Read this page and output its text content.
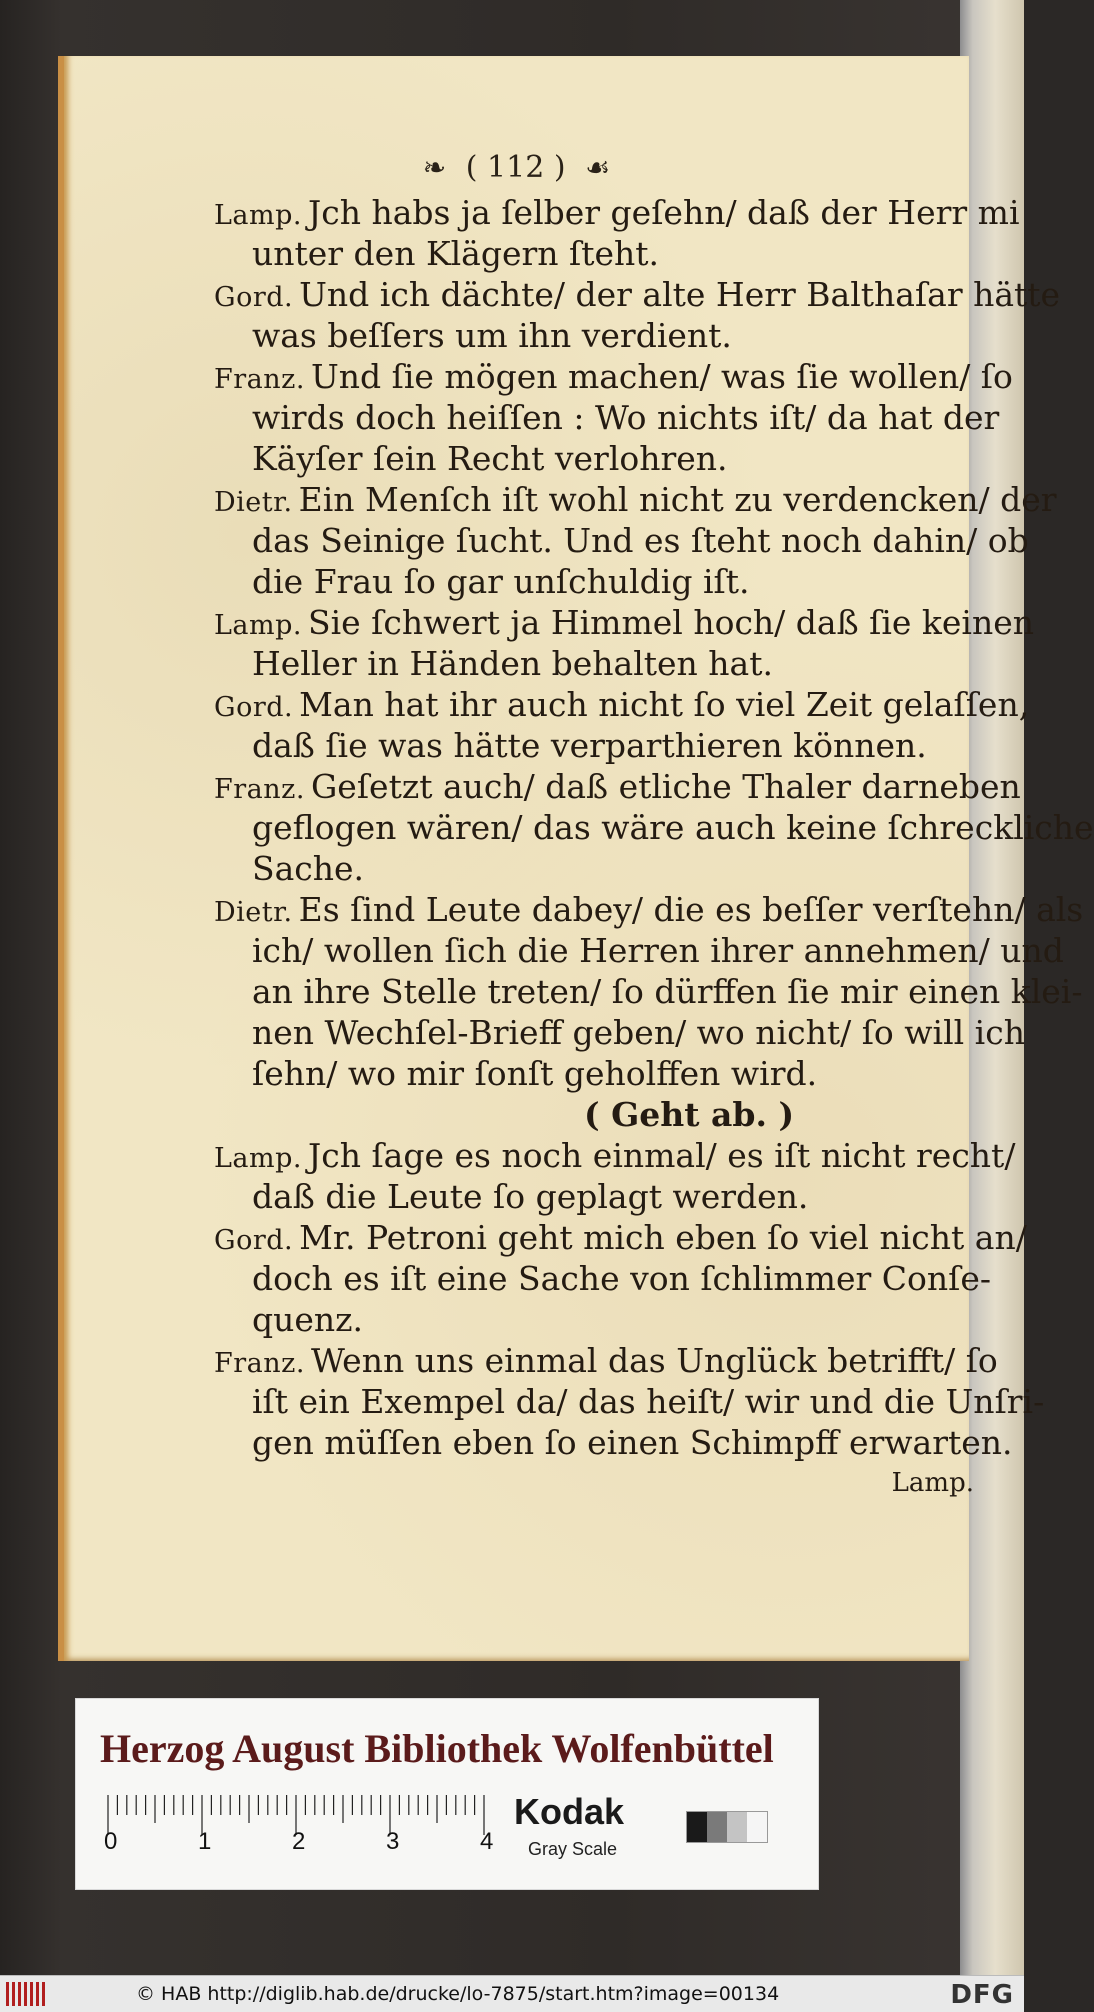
❧ ( 112 ) ☙
Lamp. Jch habs ja ſelber geſehn/ daß der Herr mi
unter den Klägern ſteht.
Gord. Und ich dächte/ der alte Herr Balthaſar hätte
was beſſers um ihn verdient.
Franz. Und ſie mögen machen/ was ſie wollen/ ſo
wirds doch heiſſen : Wo nichts iſt/ da hat der
Käyſer ſein Recht verlohren.
Dietr. Ein Menſch iſt wohl nicht zu verdencken/ der
das Seinige ſucht. Und es ſteht noch dahin/ ob
die Frau ſo gar unſchuldig iſt.
Lamp. Sie ſchwert ja Himmel hoch/ daß ſie keinen
Heller in Händen behalten hat.
Gord. Man hat ihr auch nicht ſo viel Zeit gelaſſen,
daß ſie was hätte verparthieren können.
Franz. Geſetzt auch/ daß etliche Thaler darneben
geflogen wären/ das wäre auch keine ſchreckliche
Sache.
Dietr. Es ſind Leute dabey/ die es beſſer verſtehn/ als
ich/ wollen ſich die Herren ihrer annehmen/ und
an ihre Stelle treten/ ſo dürffen ſie mir einen klei-
nen Wechſel-Brieff geben/ wo nicht/ ſo will ich
ſehn/ wo mir ſonſt geholffen wird.
( Geht ab. )
Lamp. Jch ſage es noch einmal/ es iſt nicht recht/
daß die Leute ſo geplagt werden.
Gord. Mr. Petroni geht mich eben ſo viel nicht an/
doch es iſt eine Sache von ſchlimmer Conſe-
quenz.
Franz. Wenn uns einmal das Unglück betrifft/ ſo
iſt ein Exempel da/ das heiſt/ wir und die Unſri-
gen müſſen eben ſo einen Schimpff erwarten.
Lamp.
Herzog August Bibliothek Wolfenbüttel
0	1	2	3	4
Kodak
Gray Scale
© HAB http://diglib.hab.de/drucke/lo-7875/start.htm?image=00134	DFG
